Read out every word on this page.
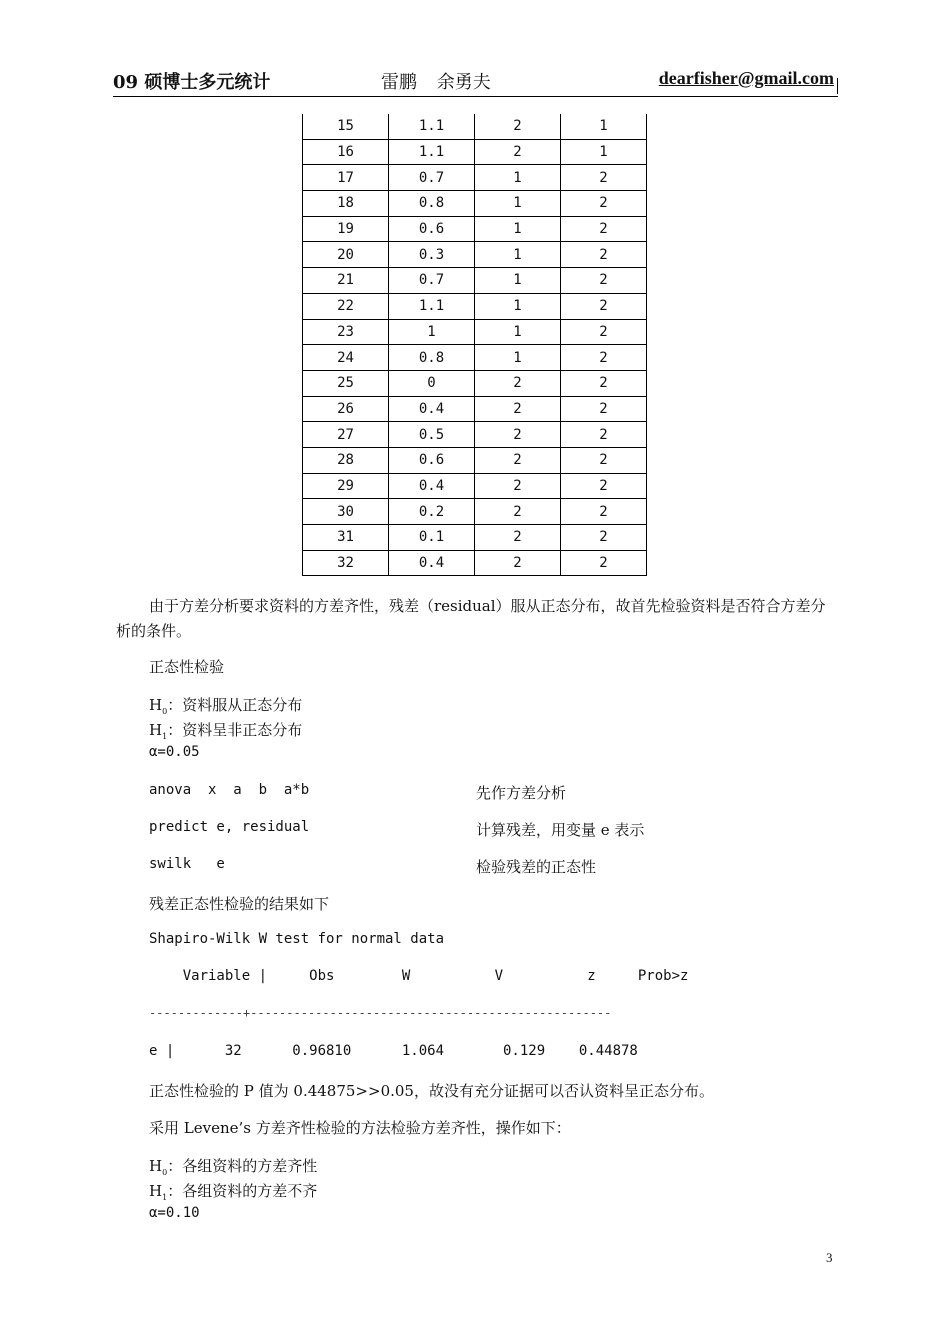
09 硕博士多元统计	雷鹏 余勇夫	dearfisher@gmail.com
15	1.1	2	1
16	1.1	2	1
17	0.7	1	2
18	0.8	1	2
19	0.6	1	2
20	0.3	1	2
21	0.7	1	2
22	1.1	1	2
23	1	1	2
24	0.8	1	2
25	0	2	2
26	0.4	2	2
27	0.5	2	2
28	0.6	2	2
29	0.4	2	2
30	0.2	2	2
31	0.1	2	2
32	0.4	2	2
由于方差分析要求资料的方差齐性，残差（residual）服从正态分布，故首先检验资料是否符合方差分析的条件。
正态性检验
$H_0$：资料服从正态分布
$H_1$：资料呈非正态分布
α=0.05
anova  x  a  b  a*b	先作方差分析
predict e, residual	计算残差，用变量 e 表示
swilk   e	检验残差的正态性
残差正态性检验的结果如下
Shapiro-Wilk W test for normal data
Variable |     Obs        W          V          z     Prob>z
-------------+--------------------------------------------------
e |      32      0.96810      1.064       0.129    0.44878
正态性检验的 P 值为 0.44875>>0.05，故没有充分证据可以否认资料呈正态分布。
采用 Levene’s 方差齐性检验的方法检验方差齐性，操作如下：
$H_0$：各组资料的方差齐性
$H_1$：各组资料的方差不齐
α=0.10
3
